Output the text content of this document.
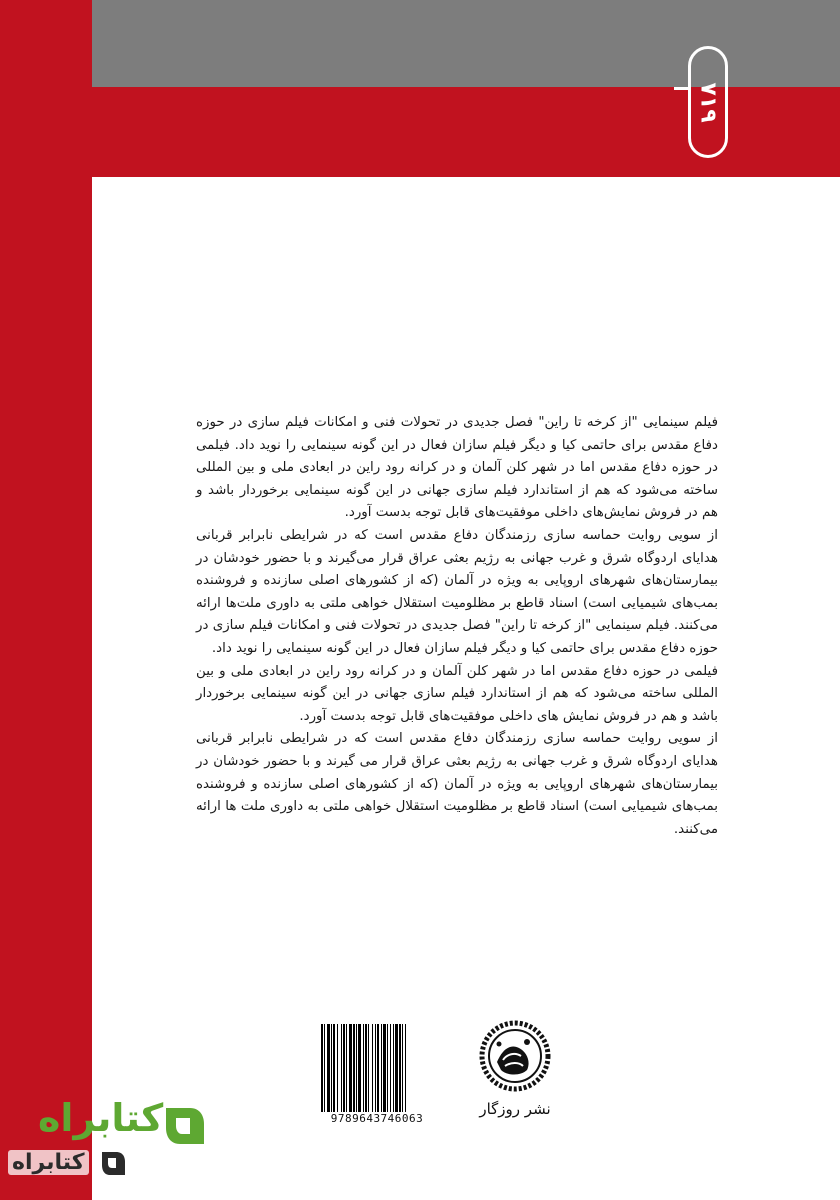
۷۱۹

فیلم سینمایی "از کرخه تا راین" فصل جدیدی در تحولات فنی و امکانات فیلم سازی در حوزه دفاع مقدس برای حاتمی کیا و دیگر فیلم سازان فعال در این گونه سینمایی را نوید داد. فیلمی در حوزه دفاع مقدس اما در شهر کلن آلمان و در کرانه رود راین در ابعادی ملی و بین المللی ساخته می‌شود که هم از استاندارد فیلم سازی جهانی در این گونه سینمایی برخوردار باشد و هم در فروش نمایش‌های داخلی موفقیت‌های قابل توجه بدست آورد.

از سویی روایت حماسه سازی رزمندگان دفاع مقدس است که در شرایطی نابرابر قربانی هدایای اردوگاه شرق و غرب جهانی به رژیم بعثی عراق قرار می‌گیرند و با حضور خودشان در بیمارستان‌های شهرهای اروپایی به ویژه در آلمان (که از کشورهای اصلی سازنده و فروشنده بمب‌های شیمیایی است) اسناد قاطع بر مظلومیت استقلال خواهی ملتی به داوری ملت‌ها ارائه می‌کنند. فیلم سینمایی "از کرخه تا راین" فصل جدیدی در تحولات فنی و امکانات فیلم سازی در حوزه دفاع مقدس برای حاتمی کیا و دیگر فیلم سازان فعال در این گونه سینمایی را نوید داد.

فیلمی در حوزه دفاع مقدس اما در شهر کلن آلمان و در کرانه رود راین در ابعادی ملی و بین المللی ساخته می‌شود که هم از استاندارد فیلم سازی جهانی در این گونه سینمایی برخوردار باشد و هم در فروش نمایش های داخلی موفقیت‌های قابل توجه بدست آورد.

از سویی روایت حماسه سازی رزمندگان دفاع مقدس است که در شرایطی نابرابر قربانی هدایای اردوگاه شرق و غرب جهانی به رژیم بعثی عراق قرار می گیرند و با حضور خودشان در بیمارستان‌های شهرهای اروپایی به ویژه در آلمان (که از کشورهای اصلی سازنده و فروشنده بمب‌های شیمیایی است) اسناد قاطع بر مظلومیت استقلال خواهی ملتی به داوری ملت ها ارائه می‌کنند.

9789643746063
نشر روزگار
کتابراه
کتابراه
